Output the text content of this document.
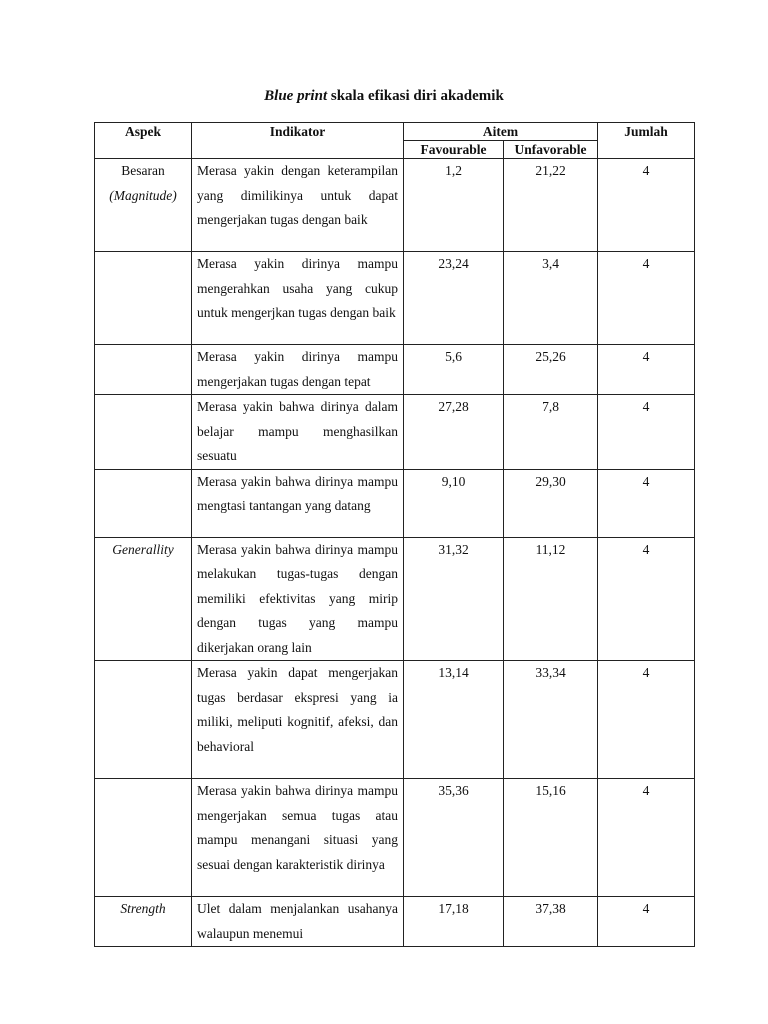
Blue print skala efikasi diri akademik
Aspek	Indikator	Aitem		Jumlah
		Favourable	Unfavorable	

Besaran
(Magnitude)	Merasa yakin dengan keterampilan yang dimilikinya untuk dapat mengerjakan tugas dengan baik	1,2	21,22	4

	Merasa yakin dirinya mampu mengerahkan usaha yang cukup untuk mengerjkan tugas dengan baik	23,24	3,4	4

	Merasa yakin dirinya mampu mengerjakan tugas dengan tepat	5,6	25,26	4

	Merasa yakin bahwa dirinya dalam belajar mampu menghasilkan sesuatu	27,28	7,8	4

	Merasa yakin bahwa dirinya mampu mengtasi tantangan yang datang	9,10	29,30	4

Generallity	Merasa yakin bahwa dirinya mampu melakukan tugas-tugas dengan memiliki efektivitas yang mirip dengan tugas yang mampu dikerjakan orang lain	31,32	11,12	4

	Merasa yakin dapat mengerjakan tugas berdasar ekspresi yang ia miliki, meliputi kognitif, afeksi, dan behavioral	13,14	33,34	4

	Merasa yakin bahwa dirinya mampu mengerjakan semua tugas atau mampu menangani situasi yang sesuai dengan karakteristik dirinya	35,36	15,16	4

Strength	Ulet dalam menjalankan usahanya walaupun menemui	17,18	37,38	4
